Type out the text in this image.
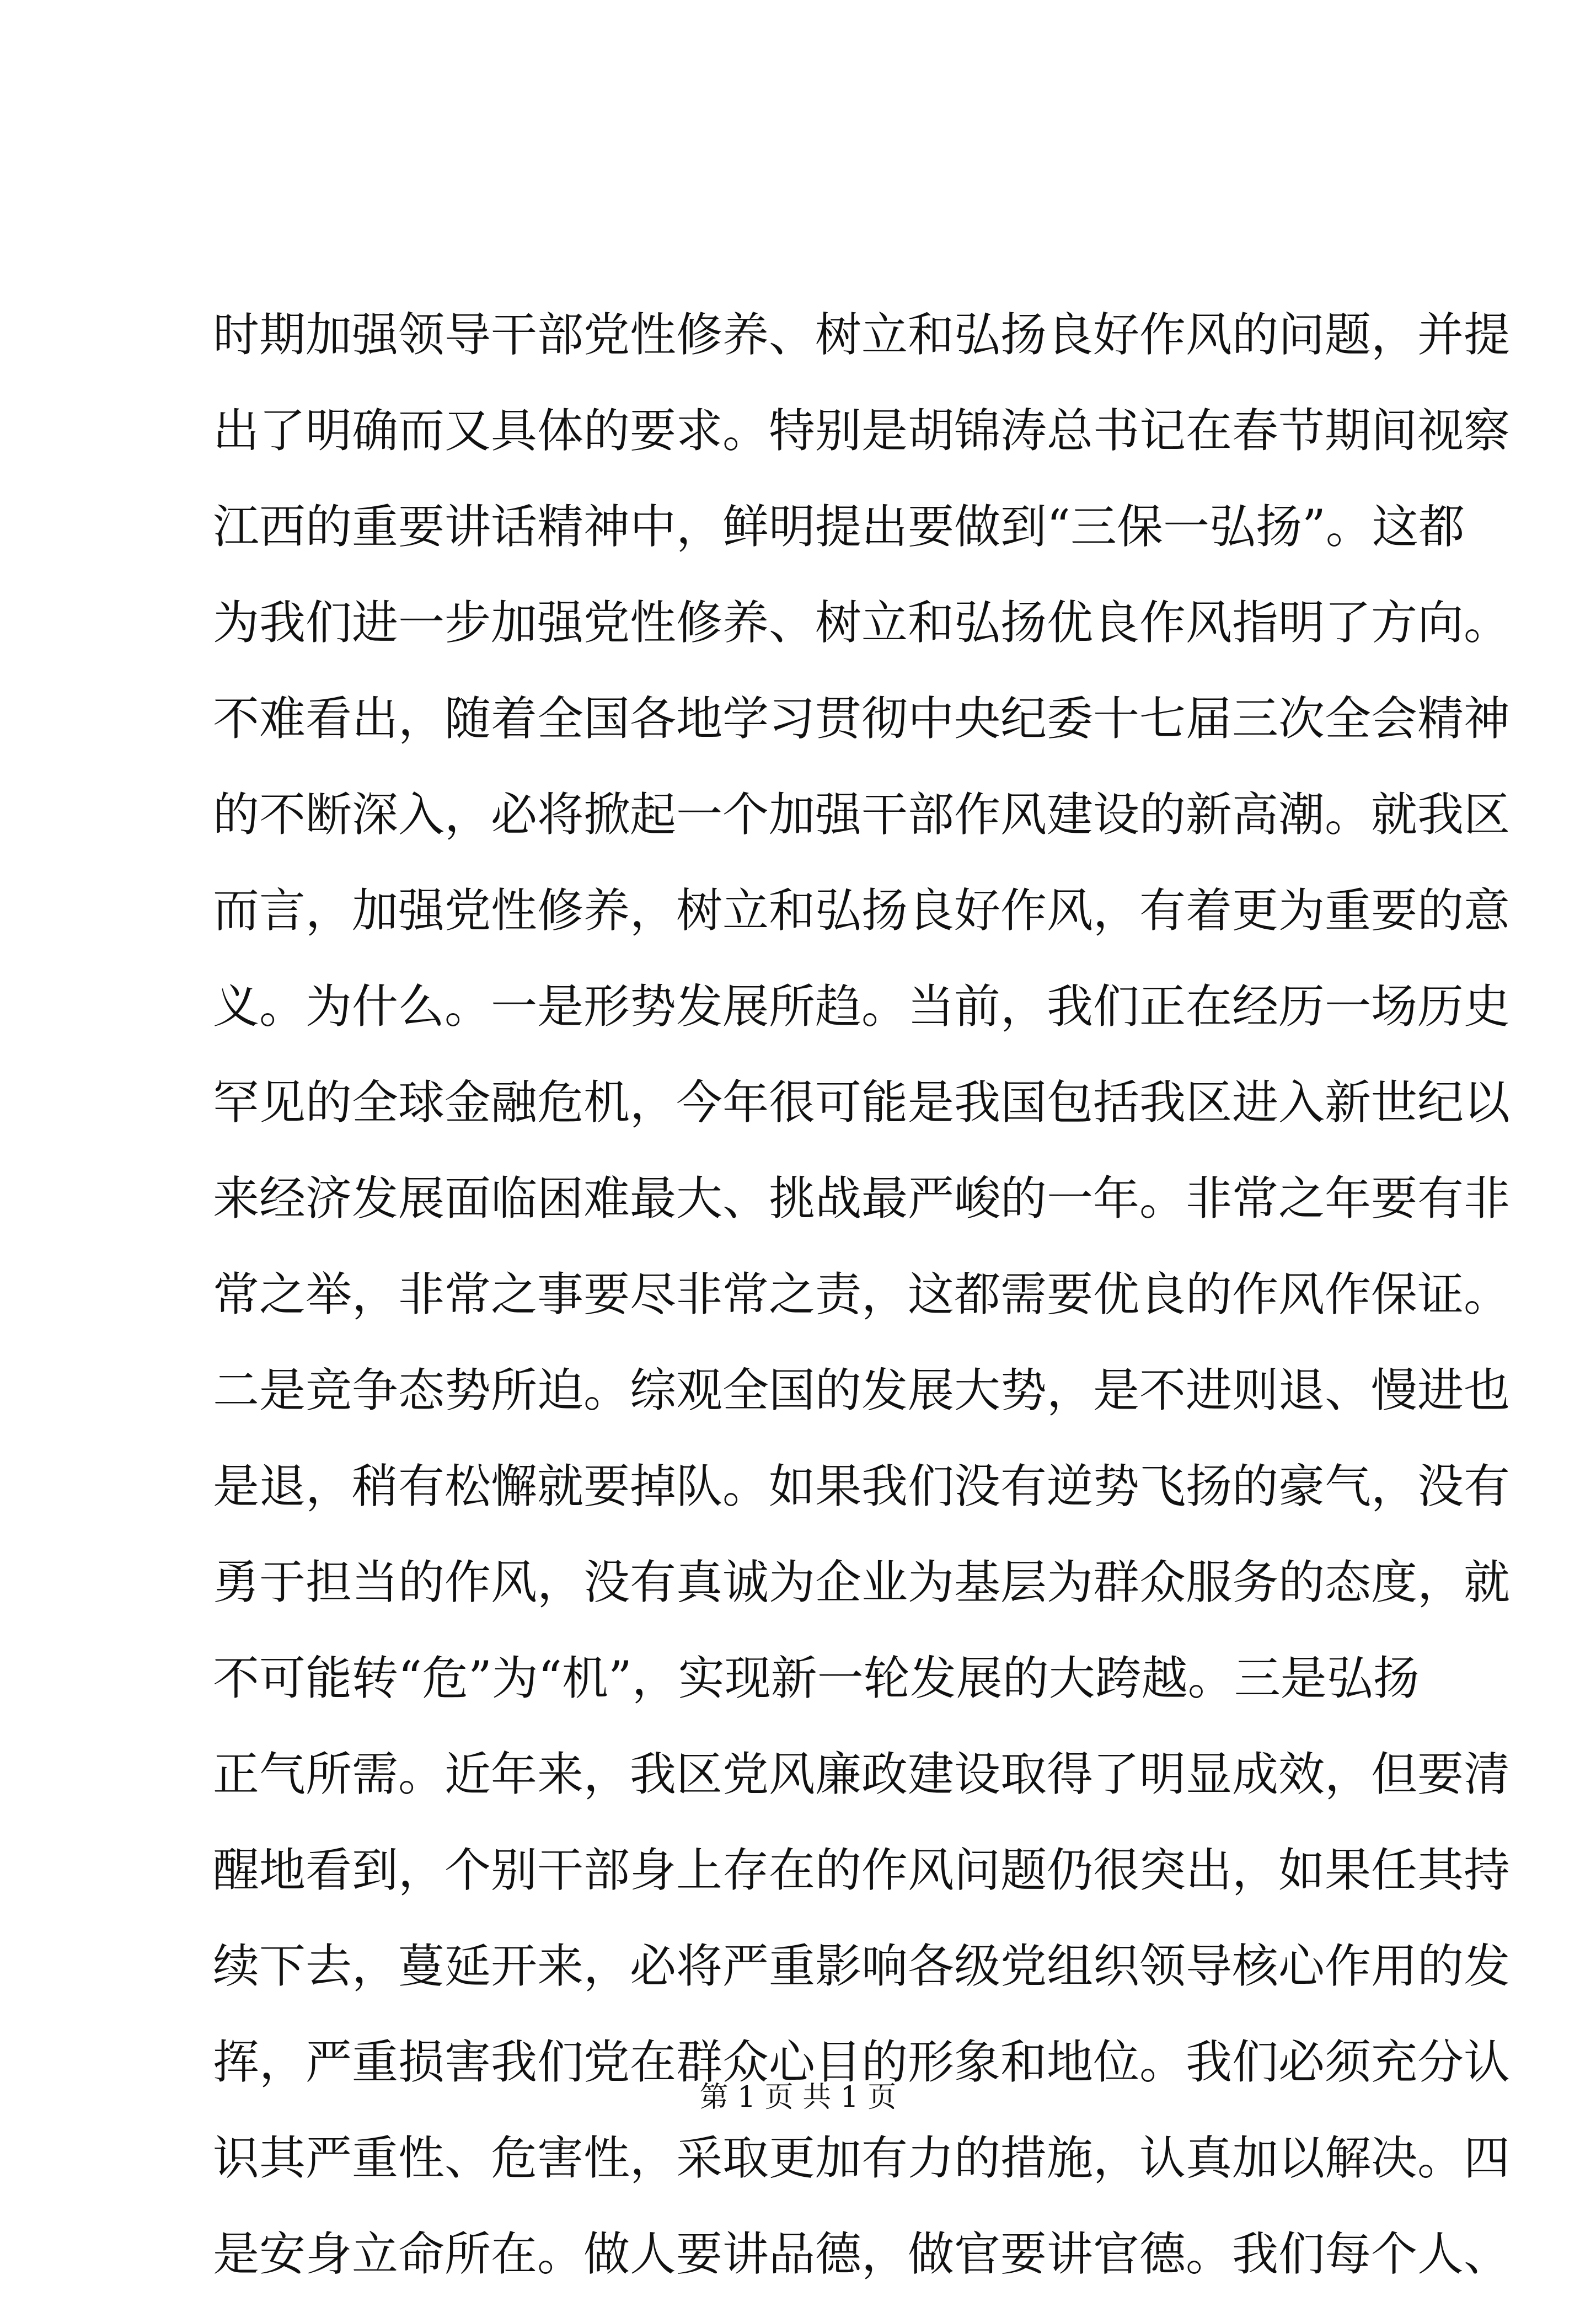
时期加强领导干部党性修养、树立和弘扬良好作风的问题，并提
出了明确而又具体的要求。特别是胡锦涛总书记在春节期间视察
江西的重要讲话精神中，鲜明提出要做到“三保一弘扬”。这都
为我们进一步加强党性修养、树立和弘扬优良作风指明了方向。
不难看出，随着全国各地学习贯彻中央纪委十七届三次全会精神
的不断深入，必将掀起一个加强干部作风建设的新高潮。就我区
而言，加强党性修养，树立和弘扬良好作风，有着更为重要的意
义。为什么。一是形势发展所趋。当前，我们正在经历一场历史
罕见的全球金融危机，今年很可能是我国包括我区进入新世纪以
来经济发展面临困难最大、挑战最严峻的一年。非常之年要有非
常之举，非常之事要尽非常之责，这都需要优良的作风作保证。
二是竞争态势所迫。综观全国的发展大势，是不进则退、慢进也
是退，稍有松懈就要掉队。如果我们没有逆势飞扬的豪气，没有
勇于担当的作风，没有真诚为企业为基层为群众服务的态度，就
不可能转“危”为“机”，实现新一轮发展的大跨越。三是弘扬
正气所需。近年来，我区党风廉政建设取得了明显成效，但要清
醒地看到，个别干部身上存在的作风问题仍很突出，如果任其持
续下去，蔓延开来，必将严重影响各级党组织领导核心作用的发
挥，严重损害我们党在群众心目的形象和地位。我们必须充分认
识其严重性、危害性，采取更加有力的措施，认真加以解决。四
是安身立命所在。做人要讲品德，做官要讲官德。我们每个人、
第 1 页 共 1 页
